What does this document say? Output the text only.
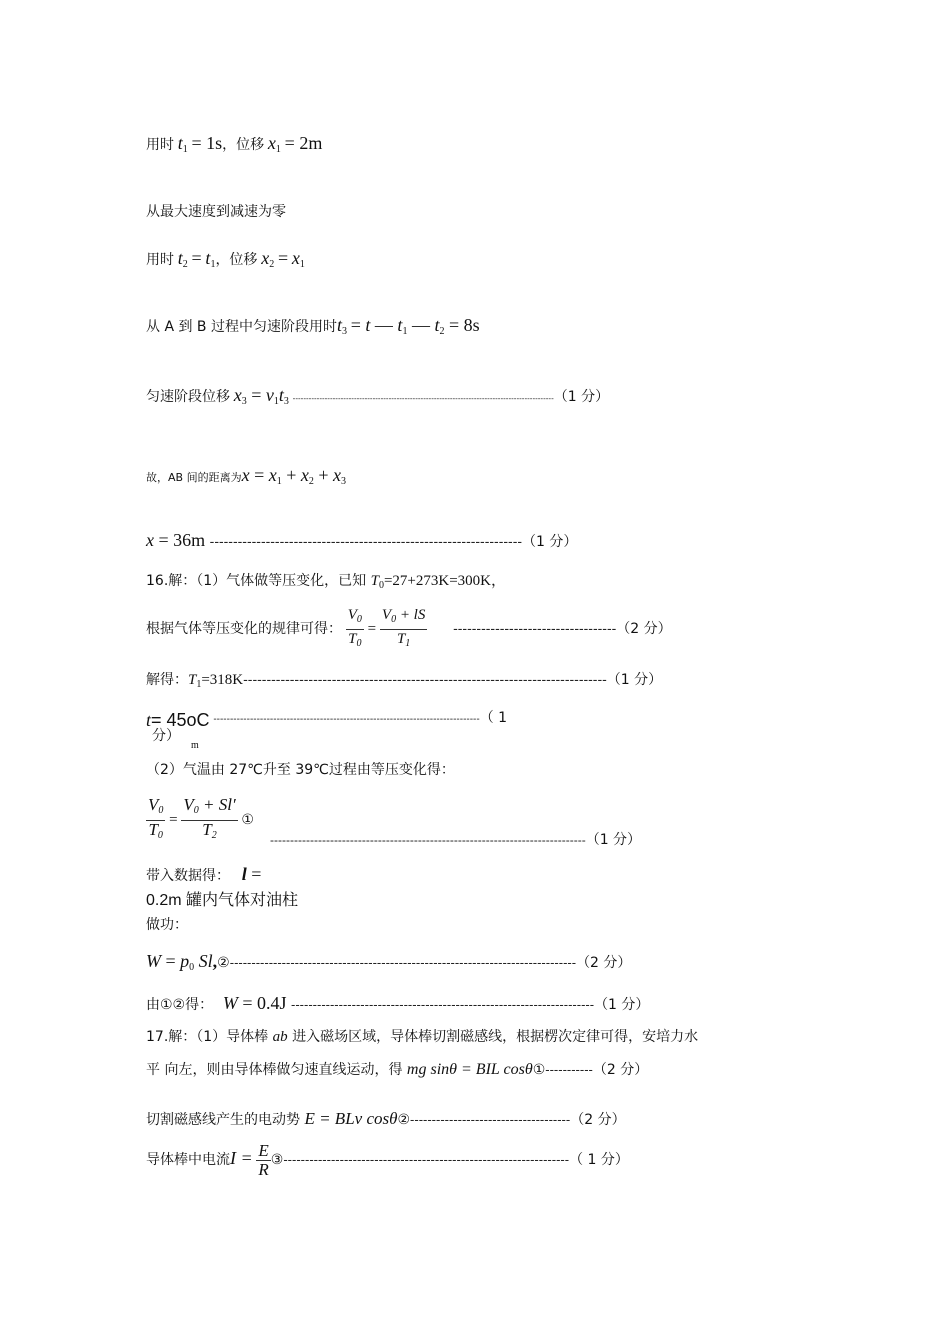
用时 $t_1 = 1s$，位移 $x_1 = 2m$
从最大速度到减速为零
用时 $t_2 = t_1$，位移 $x_2 = x_1$
从 A 到 B 过程中匀速阶段用时$t_3 = t$ — $t_1$ — $t_2 = 8s$
匀速阶段位移 $x_3 = v_1t_3$ --------------------------------------------------------------------------------------------------（1 分）
故，AB 间的距离为$x = x_1 + x_2 + x_3$
x = 36m -------------------------------------------------------------------（1 分）
16.解：（1）气体做等压变化，已知 $T_0=27+273K=300K$，
根据气体等压变化的规律可得： $\frac{V_0}{T_0} = \frac{V_0 + lS}{T_1} -----------------------------------(2$ 分）
解得：$T_1=318K------------------------------------------------------------------------------(1$ 分）
t= 45oC --------------------------------------------------------------------------------（ 1
分）
m
（2）气温由 27℃升至 39℃过程由等压变化得：
$\frac{V_0}{T_0} = \frac{V_0 + Sl'}{T_2}$ ①
-------------------------------------------------------------------------------（1 分）
带入数据得： l =
0.2m 罐内气体对油柱
做功：
$W = p_0$ Sl,②--------------------------------------------------------------------------------（2 分）
由①②得： W = 0.4J ----------------------------------------------------------------------（1 分）
17.解：（1）导体棒 ab 进入磁场区域，导体棒切割磁感线，根据楞次定律可得，安培力水
平 向左，则由导体棒做匀速直线运动，得 mg sinθ = BIL cosθ①-----------（2 分）
切割磁感线产生的电动势 E = BLv cosθ②-------------------------------------（2 分）
导体棒中电流$I = \frac{E}{R}$ ③------------------------------------------------------------------（ 1 分）
